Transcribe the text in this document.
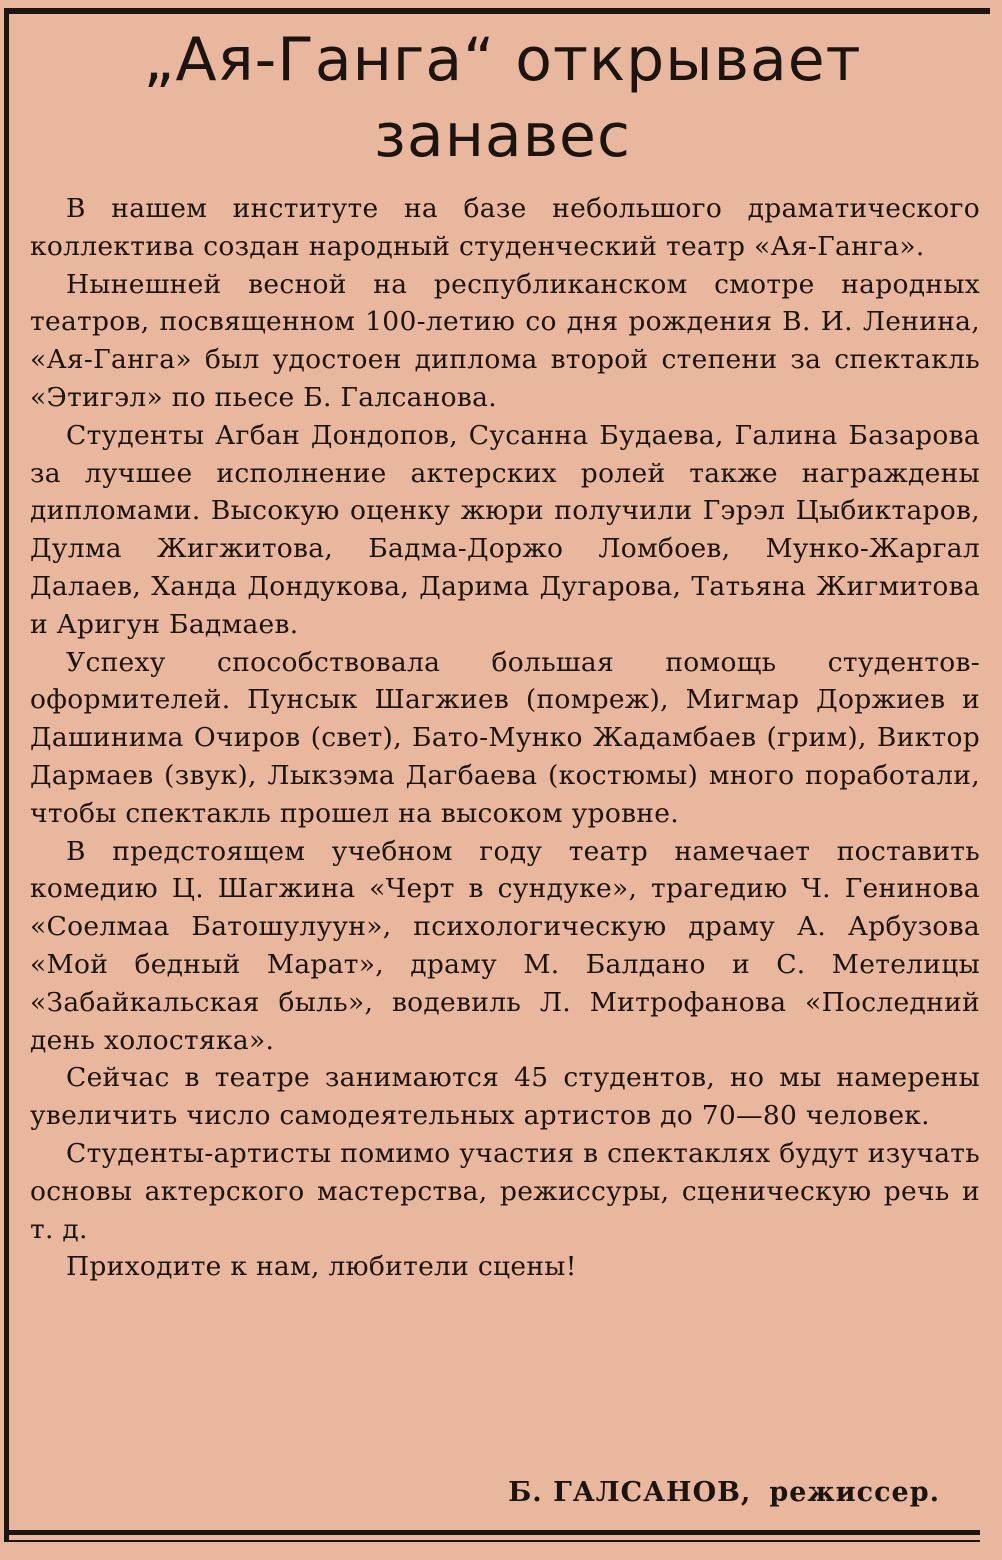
„Ая-Ганга“ открывает
занавес

В нашем институте на базе небольшого драматического коллектива создан народный студенческий театр «Ая-Ганга».

Нынешней весной на республиканском смотре народных театров, посвященном 100-летию со дня рождения В. И. Ленина, «Ая-Ганга» был удостоен диплома второй степени за спектакль «Этигэл» по пьесе Б. Галсанова.

Студенты Агбан Дондопов, Сусанна Будаева, Галина Базарова за лучшее исполнение актерских ролей также награждены дипломами. Высокую оценку жюри получили Гэрэл Цыбиктаров, Дулма Жигжитова, Бадма-Доржо Ломбоев, Мунко-Жаргал Далаев, Ханда Дондукова, Дарима Дугарова, Татьяна Жигмитова и Аригун Бадмаев.

Успеху способствовала большая помощь студентов-оформителей. Пунсык Шагжиев (помреж), Мигмар Доржиев и Дашинима Очиров (свет), Бато-Мунко Жадамбаев (грим), Виктор Дармаев (звук), Лыкзэма Дагбаева (костюмы) много поработали, чтобы спектакль прошел на высоком уровне.

В предстоящем учебном году театр намечает поставить комедию Ц. Шагжина «Черт в сундуке», трагедию Ч. Генинова «Соелмаа Батошулуун», психологическую драму А. Арбузова «Мой бедный Марат», драму М. Балдано и С. Метелицы «Забайкальская быль», водевиль Л. Митрофанова «Последний день холостяка».

Сейчас в театре занимаются 45 студентов, но мы намерены увеличить число самодеятельных артистов до 70—80 человек.

Студенты-артисты помимо участия в спектаклях будут изучать основы актерского мастерства, режиссуры, сценическую речь и т. д.

Приходите к нам, любители сцены!

Б. ГАЛСАНОВ, режиссер.
